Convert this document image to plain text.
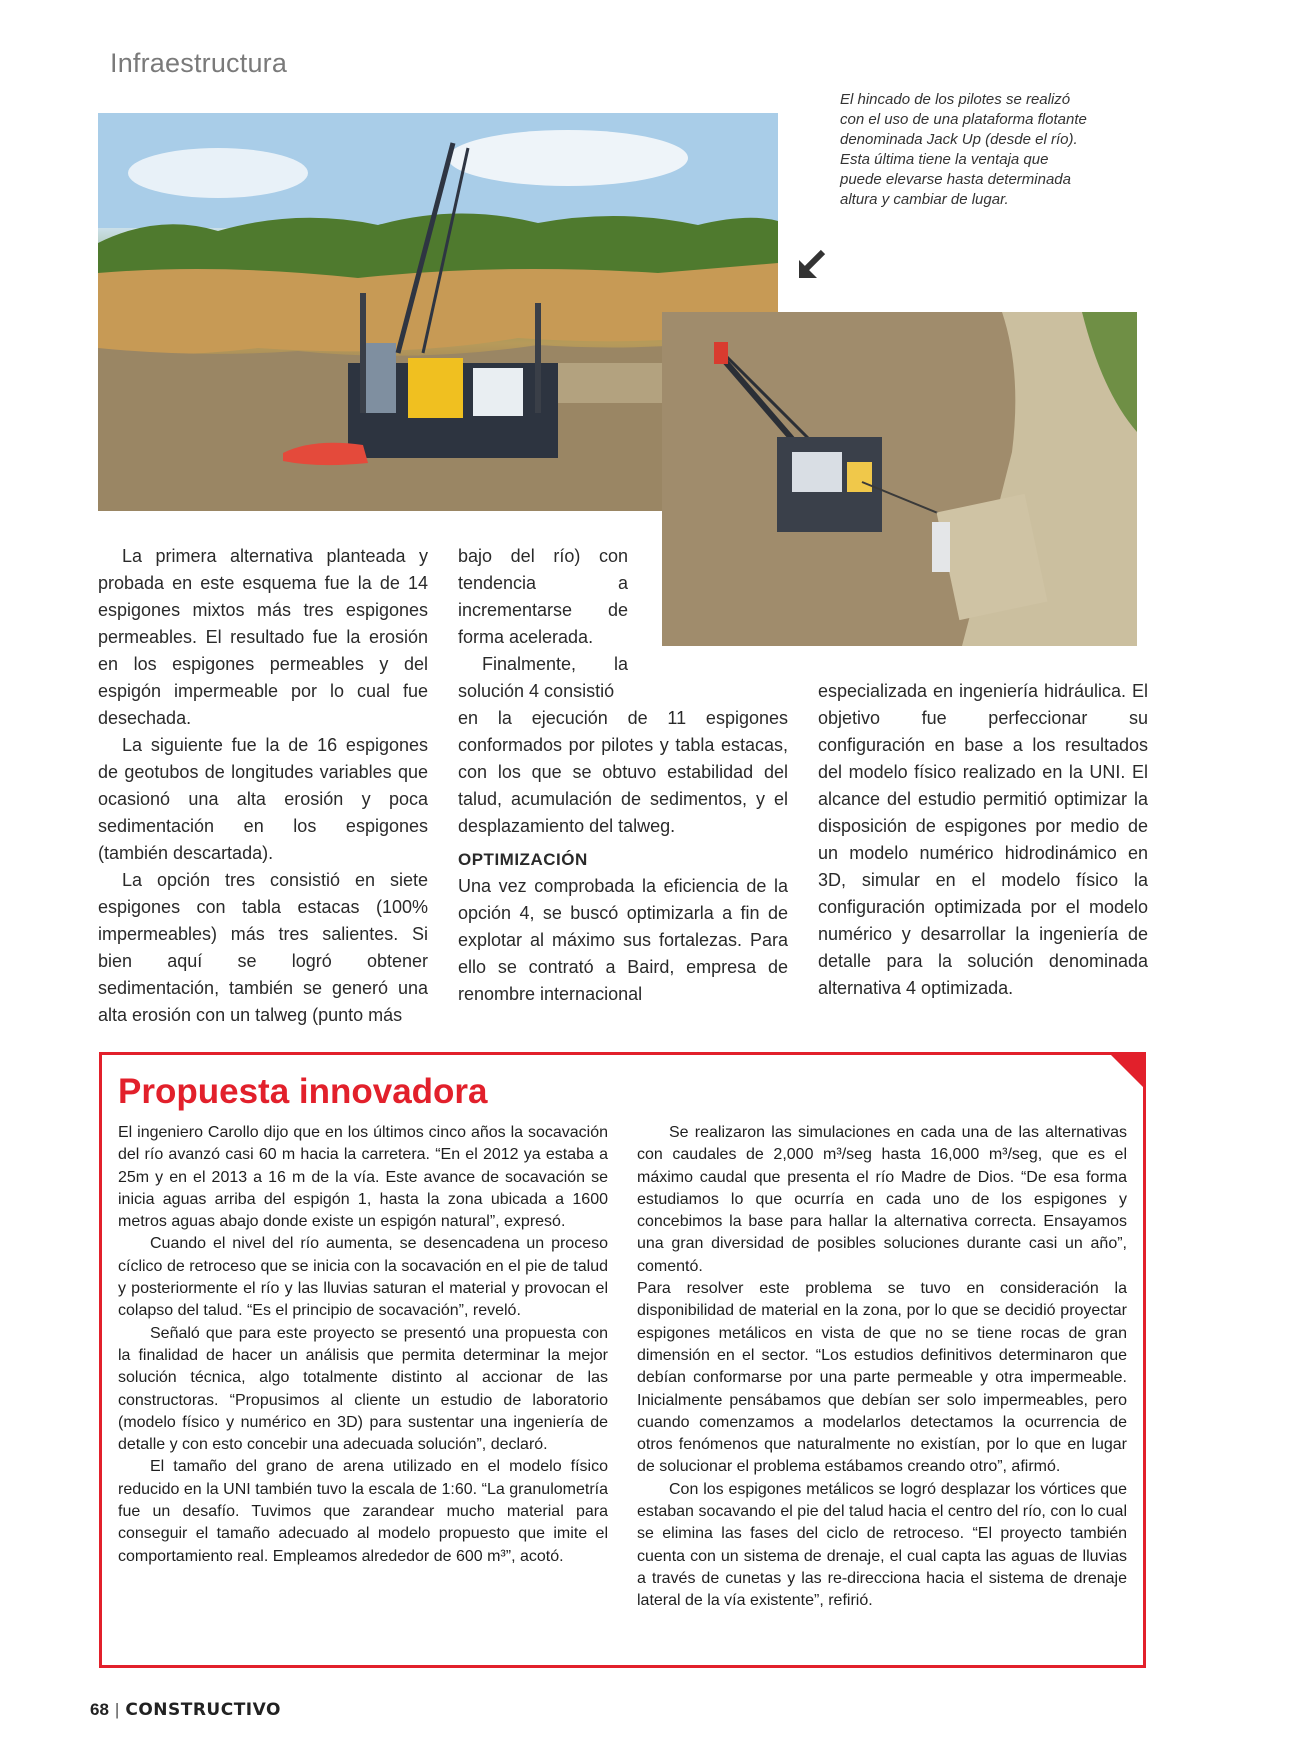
Infraestructura
El hincado de los pilotes se realizó con el uso de una plataforma flotante denominada Jack Up (desde el río). Esta última tiene la ventaja que puede elevarse hasta determinada altura y cambiar de lugar.

La primera alternativa planteada y probada en este esquema fue la de 14 espigones mixtos más tres espigones permeables. El resultado fue la erosión en los espigones permeables y del espigón impermeable por lo cual fue desechada.

La siguiente fue la de 16 espigones de geotubos de longitudes variables que ocasionó una alta erosión y poca sedimentación en los espigones (también descartada).

La opción tres consistió en siete espigones con tabla estacas (100% impermeables) más tres salientes. Si bien aquí se logró obtener sedimentación, también se generó una alta erosión con un talweg (punto más

bajo del río) con tendencia a incrementarse de forma acelerada.

Finalmente, la solución 4 consistió

en la ejecución de 11 espigones conformados por pilotes y tabla estacas, con los que se obtuvo estabilidad del talud, acumulación de sedimentos, y el desplazamiento del talweg.

OPTIMIZACIÓN

Una vez comprobada la eficiencia de la opción 4, se buscó optimizarla a fin de explotar al máximo sus fortalezas. Para ello se contrató a Baird, empresa de renombre internacional

especializada en ingeniería hidráulica. El objetivo fue perfeccionar su configuración en base a los resultados del modelo físico realizado en la UNI. El alcance del estudio permitió optimizar la disposición de espigones por medio de un modelo numérico hidrodinámico en 3D, simular en el modelo físico la configuración optimizada por el modelo numérico y desarrollar la ingeniería de detalle para la solución denominada alternativa 4 optimizada.

Propuesta innovadora

El ingeniero Carollo dijo que en los últimos cinco años la socavación del río avanzó casi 60 m hacia la carretera. “En el 2012 ya estaba a 25m y en el 2013 a 16 m de la vía. Este avance de socavación se inicia aguas arriba del espigón 1, hasta la zona ubicada a 1600 metros aguas abajo donde existe un espigón natural”, expresó.

Cuando el nivel del río aumenta, se desencadena un proceso cíclico de retroceso que se inicia con la socavación en el pie de talud y posteriormente el río y las lluvias saturan el material y provocan el colapso del talud. “Es el principio de socavación”, reveló.

Señaló que para este proyecto se presentó una propuesta con la finalidad de hacer un análisis que permita determinar la mejor solución técnica, algo totalmente distinto al accionar de las constructoras. “Propusimos al cliente un estudio de laboratorio (modelo físico y numérico en 3D) para sustentar una ingeniería de detalle y con esto concebir una adecuada solución”, declaró.

El tamaño del grano de arena utilizado en el modelo físico reducido en la UNI también tuvo la escala de 1:60. “La granulometría fue un desafío. Tuvimos que zarandear mucho material para conseguir el tamaño adecuado al modelo propuesto que imite el comportamiento real. Empleamos alrededor de 600 m³”, acotó.

Se realizaron las simulaciones en cada una de las alternativas con caudales de 2,000 m³/seg hasta 16,000 m³/seg, que es el máximo caudal que presenta el río Madre de Dios. “De esa forma estudiamos lo que ocurría en cada uno de los espigones y concebimos la base para hallar la alternativa correcta. Ensayamos una gran diversidad de posibles soluciones durante casi un año”, comentó.

Para resolver este problema se tuvo en consideración la disponibilidad de material en la zona, por lo que se decidió proyectar espigones metálicos en vista de que no se tiene rocas de gran dimensión en el sector. “Los estudios definitivos determinaron que debían conformarse por una parte permeable y otra impermeable. Inicialmente pensábamos que debían ser solo impermeables, pero cuando comenzamos a modelarlos detectamos la ocurrencia de otros fenómenos que naturalmente no existían, por lo que en lugar de solucionar el problema estábamos creando otro”, afirmó.

Con los espigones metálicos se logró desplazar los vórtices que estaban socavando el pie del talud hacia el centro del río, con lo cual se elimina las fases del ciclo de retroceso. “El proyecto también cuenta con un sistema de drenaje, el cual capta las aguas de lluvias a través de cunetas y las re-direcciona hacia el sistema de drenaje lateral de la vía existente”, refirió.

68 | CONSTRUCTIVO
